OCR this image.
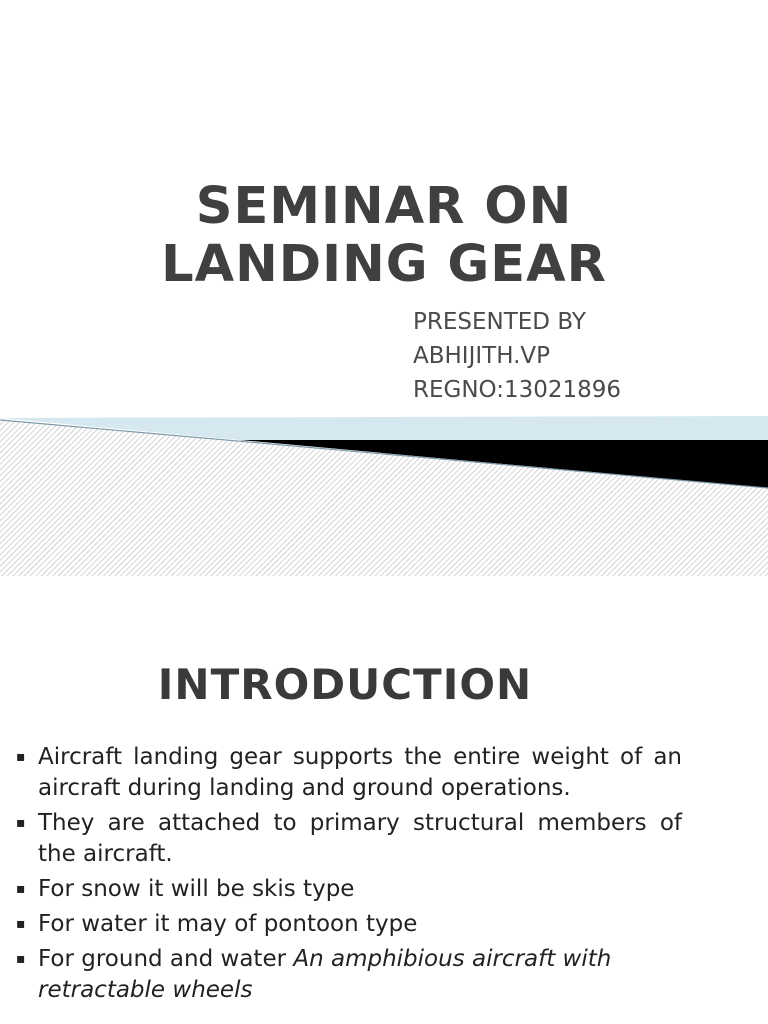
SEMINAR ON
LANDING GEAR
PRESENTED BY
ABHIJITH.VP
REGNO:13021896
INTRODUCTION
▪ Aircraft landing gear supports the entire weight of an aircraft during landing and ground operations.
▪ They are attached to primary structural members of the aircraft.
▪ For snow it will be skis type
▪ For water it may of pontoon type
▪ For ground and water An amphibious aircraft with retractable wheels
